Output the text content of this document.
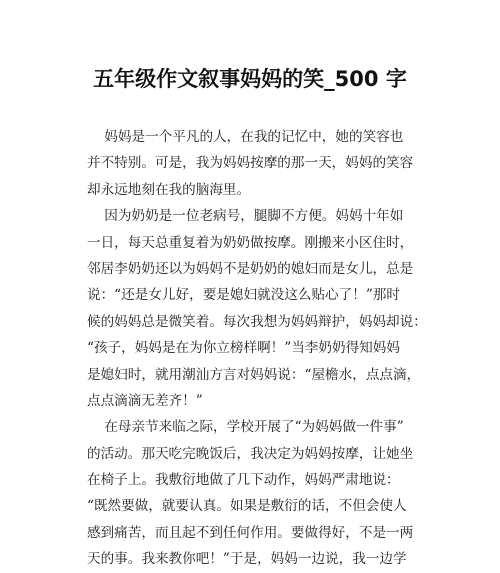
五年级作文叙事妈妈的笑_500 字
妈妈是一个平凡的人，在我的记忆中，她的笑容也
并不特别。可是，我为妈妈按摩的那一天，妈妈的笑容
却永远地刻在我的脑海里。
因为奶奶是一位老病号，腿脚不方便。妈妈十年如
一日，每天总重复着为奶奶做按摩。刚搬来小区住时，
邻居李奶奶还以为妈妈不是奶奶的媳妇而是女儿，总是
说：“还是女儿好，要是媳妇就没这么贴心了！”那时
候的妈妈总是微笑着。每次我想为妈妈辩护，妈妈却说：
“孩子，妈妈是在为你立榜样啊！”当李奶奶得知妈妈
是媳妇时，就用潮汕方言对妈妈说：“屋檐水，点点滴，
点点滴滴无差齐！”
在母亲节来临之际，学校开展了“为妈妈做一件事”
的活动。那天吃完晚饭后，我决定为妈妈按摩，让她坐
在椅子上。我敷衍地做了几下动作，妈妈严肃地说：
“既然要做，就要认真。如果是敷衍的话，不但会使人
感到痛苦，而且起不到任何作用。要做得好，不是一两
天的事。我来教你吧！”于是，妈妈一边说，我一边学
